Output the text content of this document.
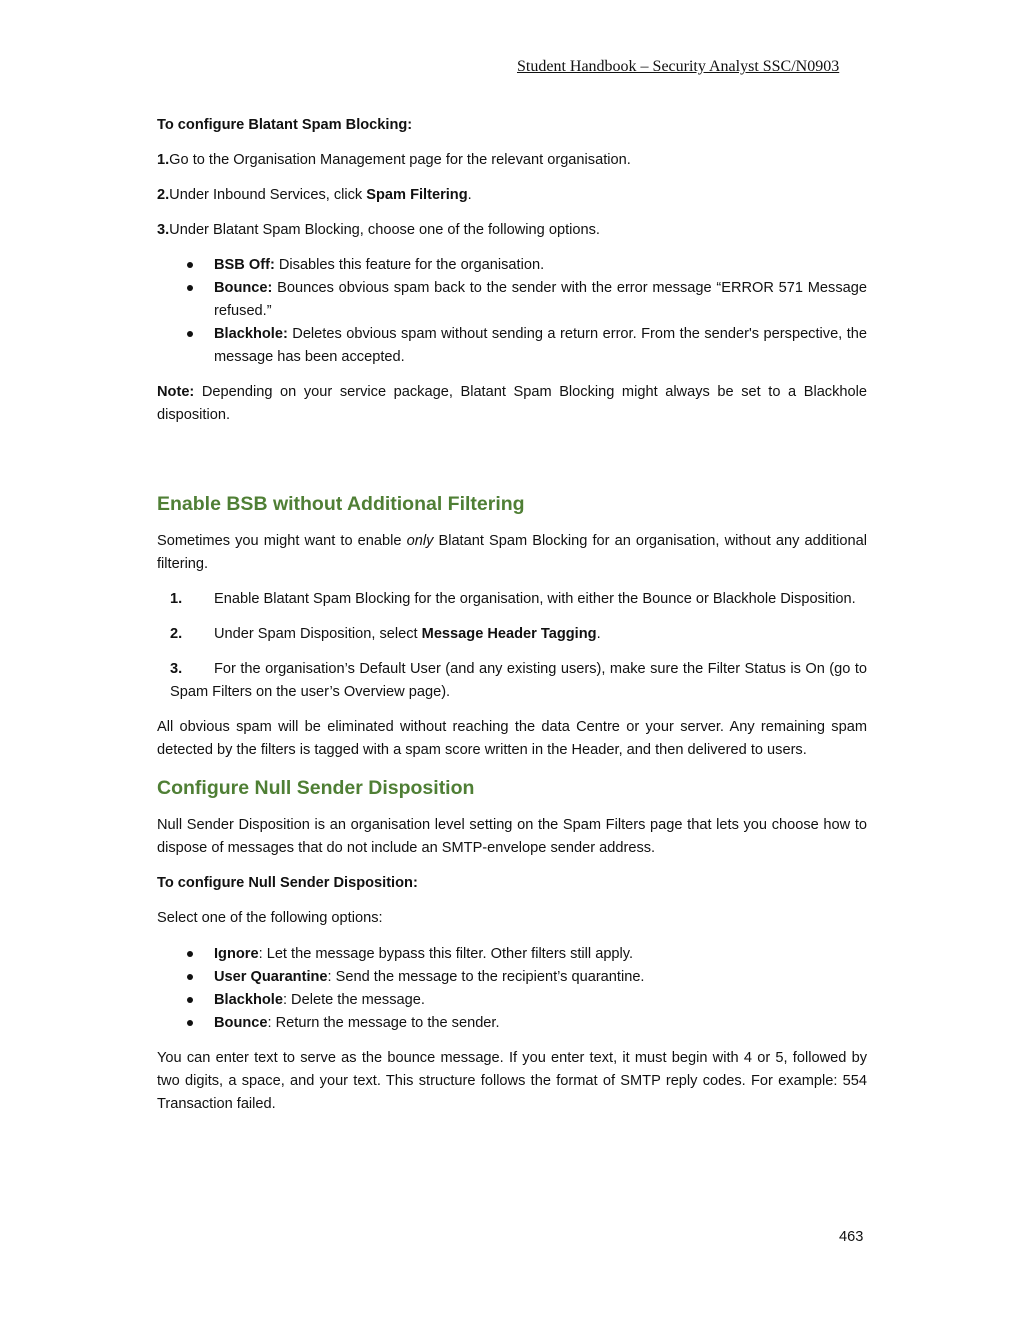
Student Handbook – Security Analyst SSC/N0903

To configure Blatant Spam Blocking:

1.Go to the Organisation Management page for the relevant organisation.

2.Under Inbound Services, click Spam Filtering.

3.Under Blatant Spam Blocking, choose one of the following options.

BSB Off: Disables this feature for the organisation.
Bounce: Bounces obvious spam back to the sender with the error message “ERROR 571 Message refused.”
Blackhole: Deletes obvious spam without sending a return error. From the sender's perspective, the message has been accepted.

Note: Depending on your service package, Blatant Spam Blocking might always be set to a Blackhole disposition.

Enable BSB without Additional Filtering

Sometimes you might want to enable only Blatant Spam Blocking for an organisation, without any additional filtering.

1. Enable Blatant Spam Blocking for the organisation, with either the Bounce or Blackhole Disposition.

2. Under Spam Disposition, select Message Header Tagging.

3. For the organisation’s Default User (and any existing users), make sure the Filter Status is On (go to Spam Filters on the user’s Overview page).

All obvious spam will be eliminated without reaching the data Centre or your server. Any remaining spam detected by the filters is tagged with a spam score written in the Header, and then delivered to users.

Configure Null Sender Disposition

Null Sender Disposition is an organisation level setting on the Spam Filters page that lets you choose how to dispose of messages that do not include an SMTP-envelope sender address.

To configure Null Sender Disposition:

Select one of the following options:

Ignore: Let the message bypass this filter. Other filters still apply.
User Quarantine: Send the message to the recipient’s quarantine.
Blackhole: Delete the message.
Bounce: Return the message to the sender.

You can enter text to serve as the bounce message. If you enter text, it must begin with 4 or 5, followed by two digits, a space, and your text. This structure follows the format of SMTP reply codes. For example: 554 Transaction failed.

463
